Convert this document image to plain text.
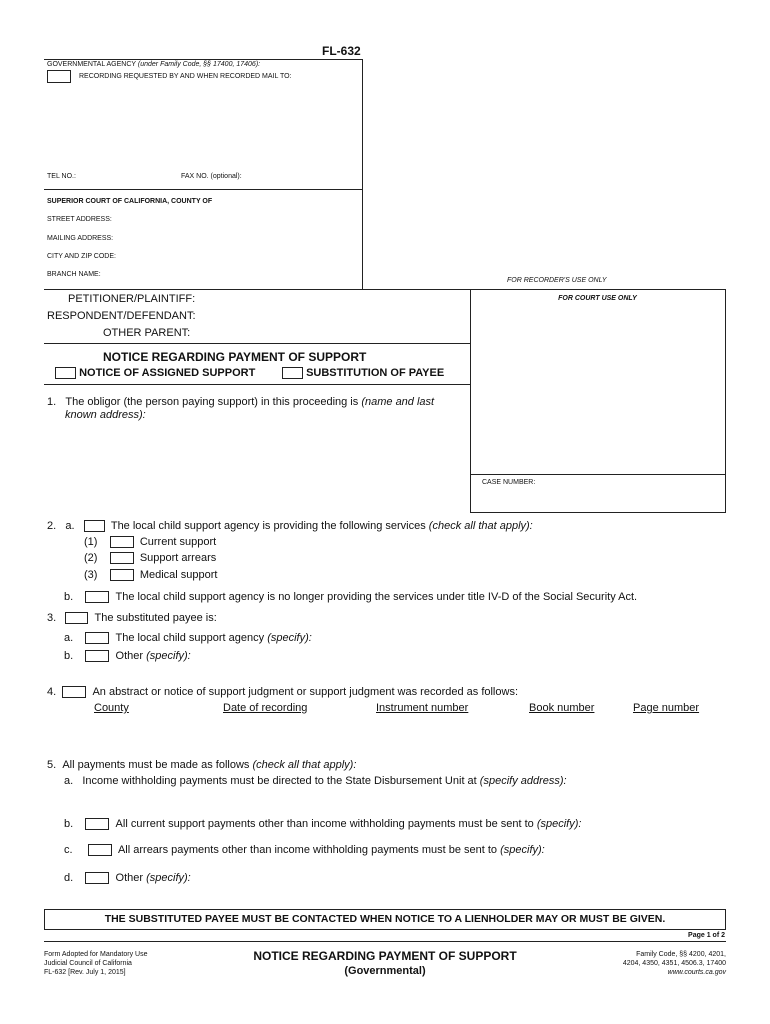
FL-632
GOVERNMENTAL AGENCY (under Family Code, §§ 17400, 17406):
RECORDING REQUESTED BY AND WHEN RECORDED MAIL TO:
TEL NO.:	FAX NO. (optional):
SUPERIOR COURT OF CALIFORNIA, COUNTY OF
STREET ADDRESS:
MAILING ADDRESS:
CITY AND ZIP CODE:
BRANCH NAME:
FOR RECORDER'S USE ONLY
PETITIONER/PLAINTIFF:
RESPONDENT/DEFENDANT:
OTHER PARENT:
FOR COURT USE ONLY
CASE NUMBER:
NOTICE REGARDING PAYMENT OF SUPPORT
NOTICE OF ASSIGNED SUPPORT	SUBSTITUTION OF PAYEE
1. The obligor (the person paying support) in this proceeding is (name and last
known address):
2. a.	The local child support agency is providing the following services (check all that apply):
(1)	Current support
(2)	Support arrears
(3)	Medical support
b.	The local child support agency is no longer providing the services under title IV-D of the Social Security Act.
3.	The substituted payee is:
a.	The local child support agency (specify):
b.	Other (specify):
4.	An abstract or notice of support judgment or support judgment was recorded as follows:
County	Date of recording	Instrument number	Book number	Page number
5. All payments must be made as follows (check all that apply):
a. Income withholding payments must be directed to the State Disbursement Unit at (specify address):
b.	All current support payments other than income withholding payments must be sent to (specify):
c.	All arrears payments other than income withholding payments must be sent to (specify):
d.	Other (specify):
THE SUBSTITUTED PAYEE MUST BE CONTACTED WHEN NOTICE TO A LIENHOLDER MAY OR MUST BE GIVEN.
Page 1 of 2
Form Adopted for Mandatory Use
Judicial Council of California
FL-632 [Rev. July 1, 2015]
NOTICE REGARDING PAYMENT OF SUPPORT
(Governmental)
Family Code, §§ 4200, 4201,
4204, 4350, 4351, 4506.3, 17400
www.courts.ca.gov
